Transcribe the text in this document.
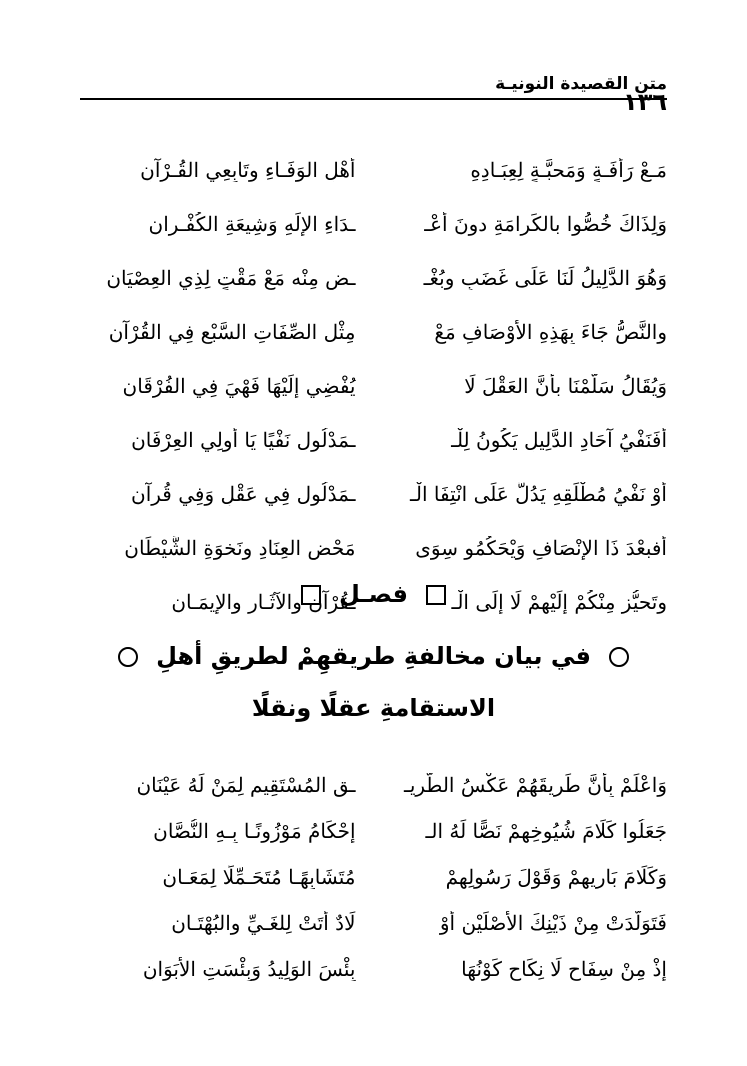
متن القصيدة النونيـة
١٣٦
مَـعْ رَأْفَـةٍ وَمَحبَّـةٍ لِعِبَـادِهِ
أَهْلِ الوَفَـاءِ وتَابِعِي القُـرْآنِ
وَلِذَاكَ خُصُّوا بالكَرامَةِ دونَ أَعْـ
ـدَاءِ الإِلَهِ وَشِيعَةِ الكُفْـرانِ
وَهُوَ الدَّلِيلُ لَنَا عَلَى غَضَبٍ وبُغْـ
ـضٍ مِنْه مَعْ مَقْتٍ لِذِي العِصْيَانِ
والنَّصُّ جَاءَ بِهَذِهِ الأَوْصَافِ مَعْ
مِثْل الصِّفَاتِ السَّبْعِ فِي القُرْآنِ
وَيُقَالُ سَلَّمْنَا بأَنَّ العَقْلَ لَا
يُفْضِي إِلَيْهَا فَهْيَ فِي الفُرْقَانِ
أَفَنَفْيُ آحَادِ الدَّلِيلِ يَكُونُ لِلْـ
ـمَدْلُولِ نَفْيًا يَا أُولِي العِرْفَانِ
أَوْ نَفْيُ مُطْلَقِهِ يَدُلُّ عَلَى انْتِفَا الْـ
ـمَدْلُولِ فِي عَقْلٍ وَفِي قُرآنِ
أفبعْدَ ذَا الإِنْصَافِ وَيْحَكُمُو سِوَى
مَحْضِ العِنَادِ ونَخوَةِ الشَّيْطَانِ
وتَحيُّزٍ مِنْكُمْ إِلَيْهِمْ لَا إِلَى الْـ
ـقُرْآنِ والآثَـارِ والإِيمَـانِ
فصـل
في بيان مخالفةِ طريقهِمْ لطريقِ أهلِ
الاستقامةِ عقلًا ونقلًا
وَاعْلَمْ بِأَنَّ طَرِيقَهُمْ عَكْسُ الطَّرِيـ
ـقِ المُسْتَقِيمِ لِمَنْ لَهُ عَيْنَانِ
جَعَلُوا كَلَامَ شُيُوخِهِمْ نَصًّا لَهُ الـ
إِحْكَامُ مَوْزُونًـا بِـهِ النُّصَّانِ
وَكَلَامَ بَارِيهِمْ وَقَوْلَ رَسُولِهِمْ
مُتَشَابِهًـا مُتَحَـمِّلًا لِمَعَـانِ
فَتَوَلَّدَتْ مِنْ ذَيْنِكَ الأَصْلَيْنِ أَوْ
لَادٌ أَتَتْ لِلغَـيِّ والبُهْتَـانِ
إِذْ مِنْ سِفَاحٍ لَا نِكَاحٍ كَوْنُهَا
بِئْسَ الوَلِيدُ وَبِئْسَتِ الأَبَوَانِ
